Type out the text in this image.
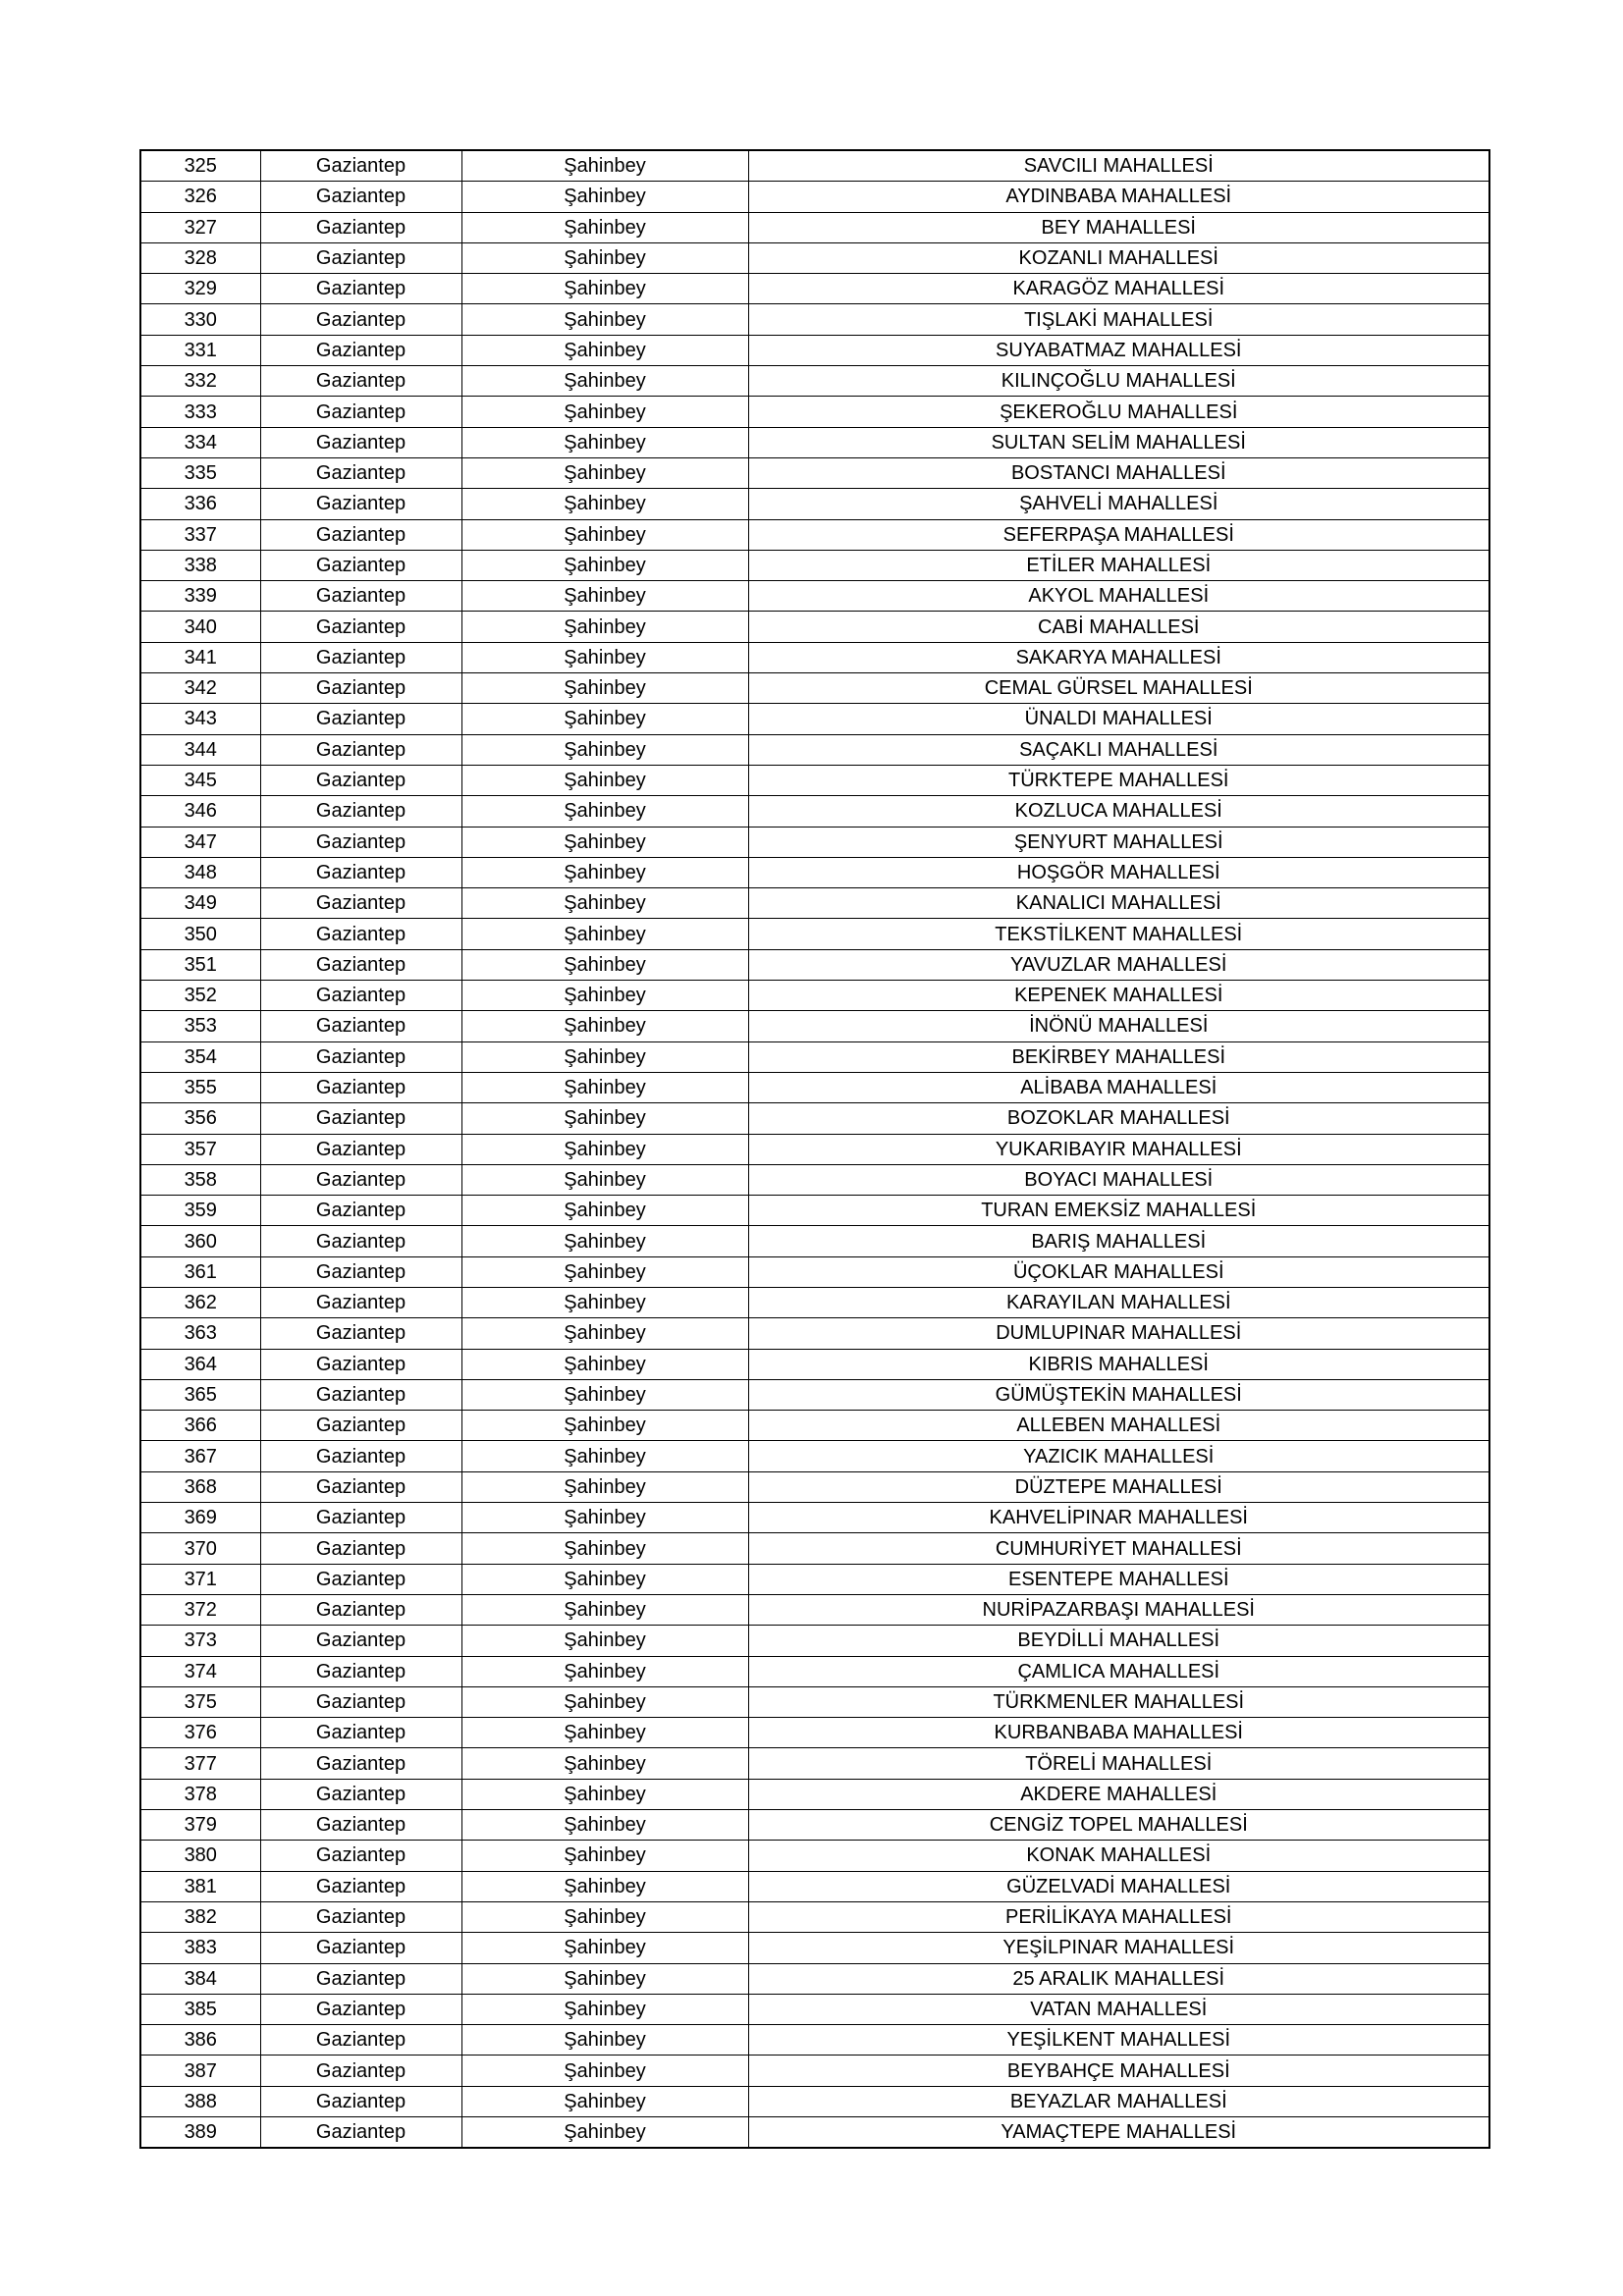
325	Gaziantep	Şahinbey	SAVCILI MAHALLESİ
326	Gaziantep	Şahinbey	AYDINBABA MAHALLESİ
327	Gaziantep	Şahinbey	BEY MAHALLESİ
328	Gaziantep	Şahinbey	KOZANLI MAHALLESİ
329	Gaziantep	Şahinbey	KARAGÖZ MAHALLESİ
330	Gaziantep	Şahinbey	TIŞLAKİ MAHALLESİ
331	Gaziantep	Şahinbey	SUYABATMAZ MAHALLESİ
332	Gaziantep	Şahinbey	KILINÇOĞLU MAHALLESİ
333	Gaziantep	Şahinbey	ŞEKEROĞLU MAHALLESİ
334	Gaziantep	Şahinbey	SULTAN SELİM MAHALLESİ
335	Gaziantep	Şahinbey	BOSTANCI MAHALLESİ
336	Gaziantep	Şahinbey	ŞAHVELİ MAHALLESİ
337	Gaziantep	Şahinbey	SEFERPAŞA MAHALLESİ
338	Gaziantep	Şahinbey	ETİLER MAHALLESİ
339	Gaziantep	Şahinbey	AKYOL MAHALLESİ
340	Gaziantep	Şahinbey	CABİ MAHALLESİ
341	Gaziantep	Şahinbey	SAKARYA MAHALLESİ
342	Gaziantep	Şahinbey	CEMAL GÜRSEL MAHALLESİ
343	Gaziantep	Şahinbey	ÜNALDI MAHALLESİ
344	Gaziantep	Şahinbey	SAÇAKLI MAHALLESİ
345	Gaziantep	Şahinbey	TÜRKTEPE MAHALLESİ
346	Gaziantep	Şahinbey	KOZLUCA MAHALLESİ
347	Gaziantep	Şahinbey	ŞENYURT MAHALLESİ
348	Gaziantep	Şahinbey	HOŞGÖR MAHALLESİ
349	Gaziantep	Şahinbey	KANALICI MAHALLESİ
350	Gaziantep	Şahinbey	TEKSTİLKENT MAHALLESİ
351	Gaziantep	Şahinbey	YAVUZLAR MAHALLESİ
352	Gaziantep	Şahinbey	KEPENEK MAHALLESİ
353	Gaziantep	Şahinbey	İNÖNÜ MAHALLESİ
354	Gaziantep	Şahinbey	BEKİRBEY MAHALLESİ
355	Gaziantep	Şahinbey	ALİBABA MAHALLESİ
356	Gaziantep	Şahinbey	BOZOKLAR MAHALLESİ
357	Gaziantep	Şahinbey	YUKARIBAYIR MAHALLESİ
358	Gaziantep	Şahinbey	BOYACI MAHALLESİ
359	Gaziantep	Şahinbey	TURAN EMEKSİZ MAHALLESİ
360	Gaziantep	Şahinbey	BARIŞ MAHALLESİ
361	Gaziantep	Şahinbey	ÜÇOKLAR MAHALLESİ
362	Gaziantep	Şahinbey	KARAYILAN MAHALLESİ
363	Gaziantep	Şahinbey	DUMLUPINAR MAHALLESİ
364	Gaziantep	Şahinbey	KIBRIS MAHALLESİ
365	Gaziantep	Şahinbey	GÜMÜŞTEKİN MAHALLESİ
366	Gaziantep	Şahinbey	ALLEBEN MAHALLESİ
367	Gaziantep	Şahinbey	YAZICIK MAHALLESİ
368	Gaziantep	Şahinbey	DÜZTEPE MAHALLESİ
369	Gaziantep	Şahinbey	KAHVELİPINAR MAHALLESİ
370	Gaziantep	Şahinbey	CUMHURİYET MAHALLESİ
371	Gaziantep	Şahinbey	ESENTEPE MAHALLESİ
372	Gaziantep	Şahinbey	NURİPAZARBAŞI MAHALLESİ
373	Gaziantep	Şahinbey	BEYDİLLİ MAHALLESİ
374	Gaziantep	Şahinbey	ÇAMLICA MAHALLESİ
375	Gaziantep	Şahinbey	TÜRKMENLER MAHALLESİ
376	Gaziantep	Şahinbey	KURBANBABA MAHALLESİ
377	Gaziantep	Şahinbey	TÖRELİ MAHALLESİ
378	Gaziantep	Şahinbey	AKDERE MAHALLESİ
379	Gaziantep	Şahinbey	CENGİZ TOPEL MAHALLESİ
380	Gaziantep	Şahinbey	KONAK MAHALLESİ
381	Gaziantep	Şahinbey	GÜZELVADİ MAHALLESİ
382	Gaziantep	Şahinbey	PERİLİKAYA MAHALLESİ
383	Gaziantep	Şahinbey	YEŞİLPINAR MAHALLESİ
384	Gaziantep	Şahinbey	25 ARALIK MAHALLESİ
385	Gaziantep	Şahinbey	VATAN MAHALLESİ
386	Gaziantep	Şahinbey	YEŞİLKENT MAHALLESİ
387	Gaziantep	Şahinbey	BEYBAHÇE MAHALLESİ
388	Gaziantep	Şahinbey	BEYAZLAR MAHALLESİ
389	Gaziantep	Şahinbey	YAMAÇTEPE MAHALLESİ
